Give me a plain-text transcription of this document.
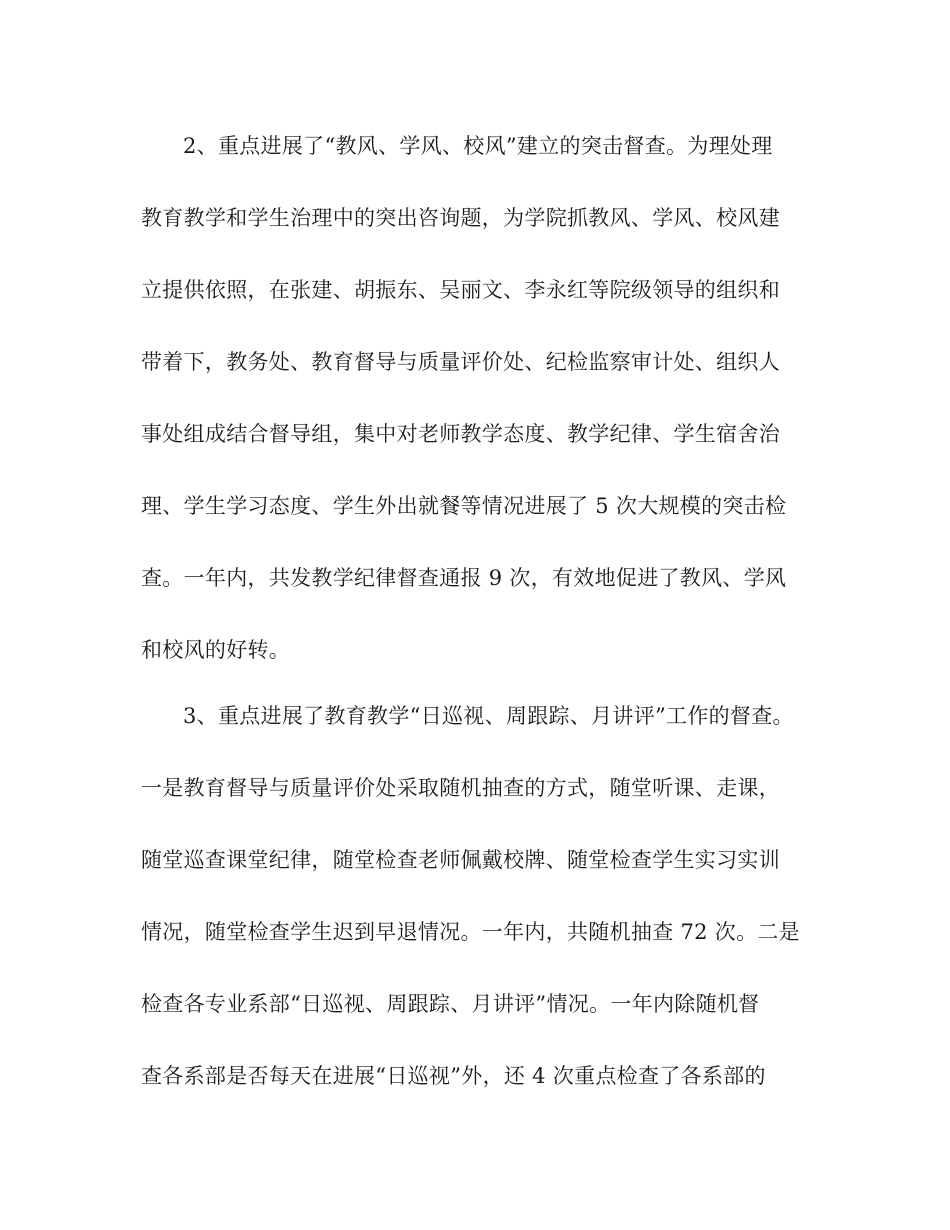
2、重点进展了“教风、学风、校风”建立的突击督查。为理处理
教育教学和学生治理中的突出咨询题，为学院抓教风、学风、校风建
立提供依照，在张建、胡振东、吴丽文、李永红等院级领导的组织和
带着下，教务处、教育督导与质量评价处、纪检监察审计处、组织人
事处组成结合督导组，集中对老师教学态度、教学纪律、学生宿舍治
理、学生学习态度、学生外出就餐等情况进展了 5 次大规模的突击检
查。一年内，共发教学纪律督查通报 9 次，有效地促进了教风、学风
和校风的好转。
3、重点进展了教育教学“日巡视、周跟踪、月讲评”工作的督查。
一是教育督导与质量评价处采取随机抽查的方式，随堂听课、走课，
随堂巡查课堂纪律，随堂检查老师佩戴校牌、随堂检查学生实习实训
情况，随堂检查学生迟到早退情况。一年内，共随机抽查 72 次。二是
检查各专业系部“日巡视、周跟踪、月讲评”情况。一年内除随机督
查各系部是否每天在进展“日巡视”外，还 4 次重点检查了各系部的
